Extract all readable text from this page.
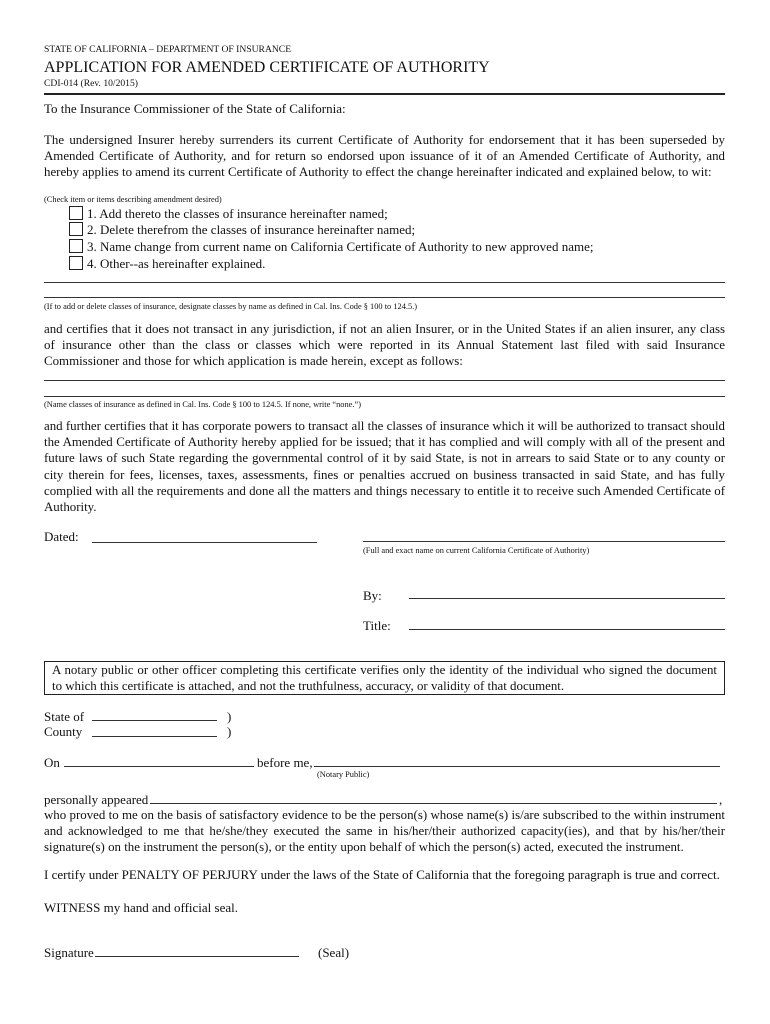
STATE OF CALIFORNIA – DEPARTMENT OF INSURANCE
APPLICATION FOR AMENDED CERTIFICATE OF AUTHORITY
CDI-014 (Rev. 10/2015)
To the Insurance Commissioner of the State of California:
The undersigned Insurer hereby surrenders its current Certificate of Authority for endorsement that it has been superseded by Amended Certificate of Authority, and for return so endorsed upon issuance of it of an Amended Certificate of Authority, and hereby applies to amend its current Certificate of Authority to effect the change hereinafter indicated and explained below, to wit:
(Check item or items describing amendment desired)
1. Add thereto the classes of insurance hereinafter named;
2. Delete therefrom the classes of insurance hereinafter named;
3. Name change from current name on California Certificate of Authority to new approved name;
4. Other--as hereinafter explained.
(If to add or delete classes of insurance, designate classes by name as defined in Cal. Ins. Code § 100 to 124.5.)
and certifies that it does not transact in any jurisdiction, if not an alien Insurer, or in the United States if an alien insurer, any class of insurance other than the class or classes which were reported in its Annual Statement last filed with said Insurance Commissioner and those for which application is made herein, except as follows:
(Name classes of insurance as defined in Cal. Ins. Code § 100 to 124.5. If none, write “none.”)
and further certifies that it has corporate powers to transact all the classes of insurance which it will be authorized to transact should the Amended Certificate of Authority hereby applied for be issued; that it has complied and will comply with all of the present and future laws of such State regarding the governmental control of it by said State, is not in arrears to said State or to any county or city therein for fees, licenses, taxes, assessments, fines or penalties accrued on business transacted in said State, and has fully complied with all the requirements and done all the matters and things necessary to entitle it to receive such Amended Certificate of Authority.
Dated:
(Full and exact name on current California Certificate of Authority)
By:
Title:
A notary public or other officer completing this certificate verifies only the identity of the individual who signed the document to which this certificate is attached, and not the truthfulness, accuracy, or validity of that document.
State of	)
County	)
On	before me,
(Notary Public)
personally appeared	,
who proved to me on the basis of satisfactory evidence to be the person(s) whose name(s) is/are subscribed to the within instrument and acknowledged to me that he/she/they executed the same in his/her/their authorized capacity(ies), and that by his/her/their signature(s) on the instrument the person(s), or the entity upon behalf of which the person(s) acted, executed the instrument.
I certify under PENALTY OF PERJURY under the laws of the State of California that the foregoing paragraph is true and correct.
WITNESS my hand and official seal.
Signature	(Seal)
